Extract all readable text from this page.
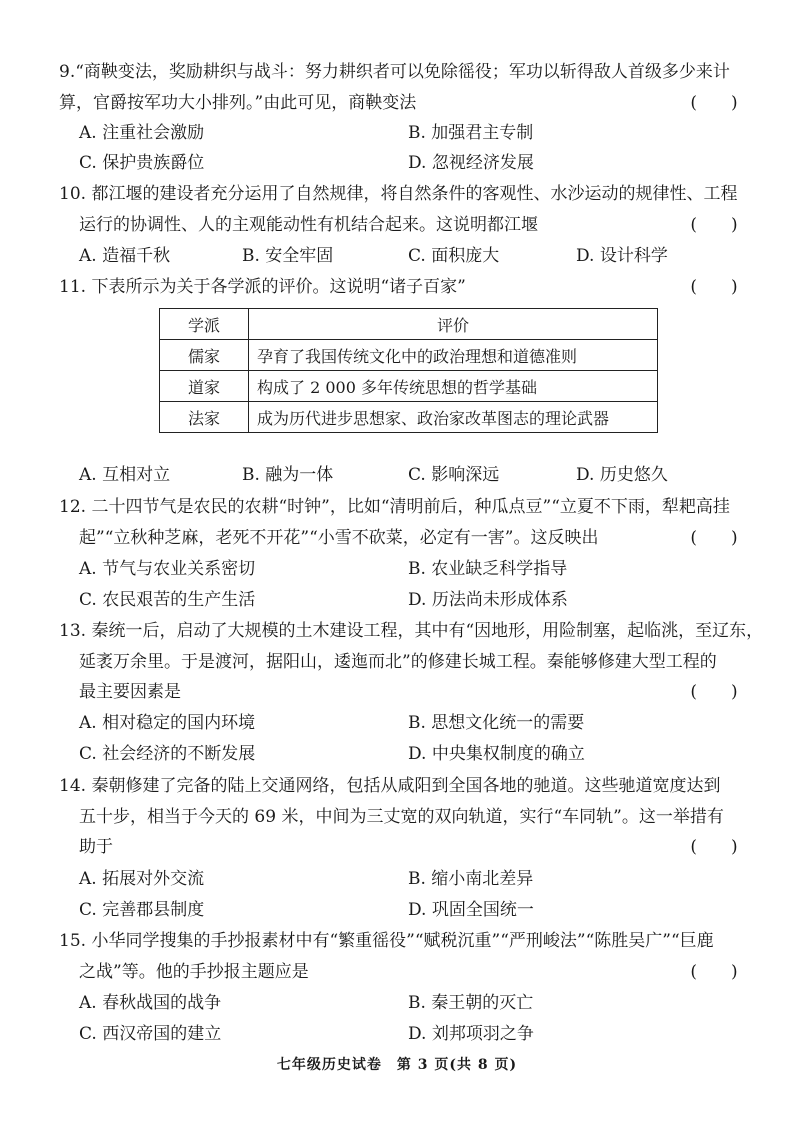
9.“商鞅变法，奖励耕织与战斗：努力耕织者可以免除徭役；军功以斩得敌人首级多少来计
算，官爵按军功大小排列。”由此可见，商鞅变法	(　　)
A. 注重社会激励	B. 加强君主专制
C. 保护贵族爵位	D. 忽视经济发展
10. 都江堰的建设者充分运用了自然规律，将自然条件的客观性、水沙运动的规律性、工程
运行的协调性、人的主观能动性有机结合起来。这说明都江堰	(　　)
A. 造福千秋	B. 安全牢固	C. 面积庞大	D. 设计科学
11. 下表所示为关于各学派的评价。这说明“诸子百家”	(　　)
学派	评价
儒家	孕育了我国传统文化中的政治理想和道德准则
道家	构成了 2 000 多年传统思想的哲学基础
法家	成为历代进步思想家、政治家改革图志的理论武器
A. 互相对立	B. 融为一体	C. 影响深远	D. 历史悠久
12. 二十四节气是农民的农耕“时钟”，比如“清明前后，种瓜点豆”“立夏不下雨，犁耙高挂
起”“立秋种芝麻，老死不开花”“小雪不砍菜，必定有一害”。这反映出	(　　)
A. 节气与农业关系密切	B. 农业缺乏科学指导
C. 农民艰苦的生产生活	D. 历法尚未形成体系
13. 秦统一后，启动了大规模的土木建设工程，其中有“因地形，用险制塞，起临洮，至辽东，
延袤万余里。于是渡河，据阳山，逶迤而北”的修建长城工程。秦能够修建大型工程的
最主要因素是	(　　)
A. 相对稳定的国内环境	B. 思想文化统一的需要
C. 社会经济的不断发展	D. 中央集权制度的确立
14. 秦朝修建了完备的陆上交通网络，包括从咸阳到全国各地的驰道。这些驰道宽度达到
五十步，相当于今天的 69 米，中间为三丈宽的双向轨道，实行“车同轨”。这一举措有
助于	(　　)
A. 拓展对外交流	B. 缩小南北差异
C. 完善郡县制度	D. 巩固全国统一
15. 小华同学搜集的手抄报素材中有“繁重徭役”“赋税沉重”“严刑峻法”“陈胜吴广”“巨鹿
之战”等。他的手抄报主题应是	(　　)
A. 春秋战国的战争	B. 秦王朝的灭亡
C. 西汉帝国的建立	D. 刘邦项羽之争
七年级历史试卷　第 3 页(共 8 页)
